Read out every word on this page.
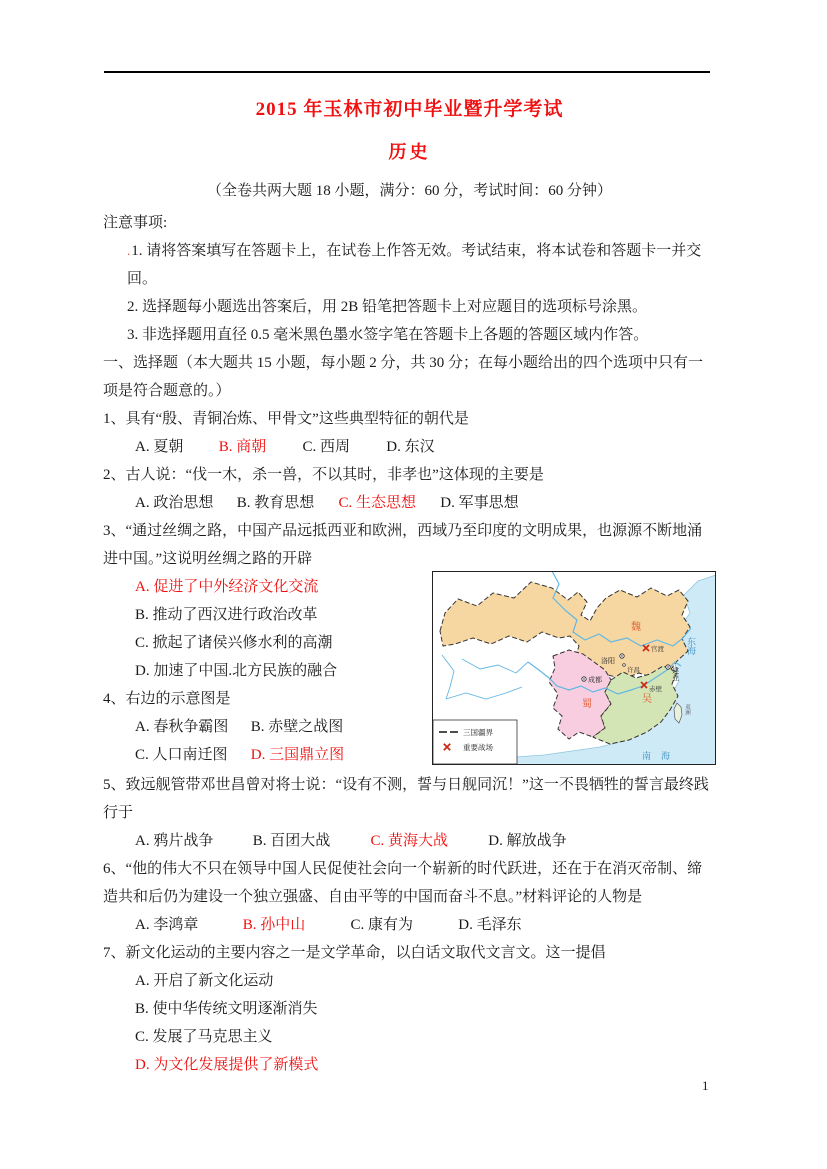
2015 年玉林市初中毕业暨升学考试
历史
（全卷共两大题 18 小题，满分：60 分，考试时间：60 分钟）
注意事项:
.1. 请将答案填写在答题卡上，在试卷上作答无效。考试结束，将本试卷和答题卡一并交回。
2. 选择题每小题选出答案后，用 2B 铅笔把答题卡上对应题目的选项标号涂黑。
3. 非选择题用直径 0.5 毫米黑色墨水签字笔在答题卡上各题的答题区域内作答。
一、选择题（本大题共 15 小题，每小题 2 分，共 30 分；在每小题给出的四个选项中只有一项是符合题意的。）
1、具有“殷、青铜冶炼、甲骨文”这些典型特征的朝代是
A. 夏朝 B. 商朝 C. 西周 D. 东汉
2、古人说：“伐一木，杀一兽，不以其时，非孝也”这体现的主要是
A. 政治思想 B. 教育思想 C. 生态思想 D. 军事思想
3、“通过丝绸之路，中国产品远抵西亚和欧洲，西域乃至印度的文明成果，也源源不断地涌进中国。”这说明丝绸之路的开辟
A. 促进了中外经济文化交流
B. 推动了西汉进行政治改革
C. 掀起了诸侯兴修水利的高潮
D. 加速了中国.北方民族的融合
4、右边的示意图是
A. 春秋争霸图 B. 赤壁之战图
C. 人口南迁图 D. 三国鼎立图
夷洲
魏
蜀	吴
东海
南海
洛阳
许昌
官渡
成都	建业
赤壁
三国疆界
重要战场
5、致远舰管带邓世昌曾对将士说：“设有不测，誓与日舰同沉！”这一不畏牺牲的誓言最终践行于
A. 鸦片战争	B. 百团大战	C. 黄海大战	D. 解放战争
6、“他的伟大不只在领导中国人民促使社会向一个崭新的时代跃进，还在于在消灭帝制、缔造共和后仍为建设一个独立强盛、自由平等的中国而奋斗不息。”材料评论的人物是
A. 李鸿章	B. 孙中山	C. 康有为	D. 毛泽东
7、新文化运动的主要内容之一是文学革命，以白话文取代文言文。这一提倡
A. 开启了新文化运动
B. 使中华传统文明逐渐消失
C. 发展了马克思主义
D. 为文化发展提供了新模式
1
